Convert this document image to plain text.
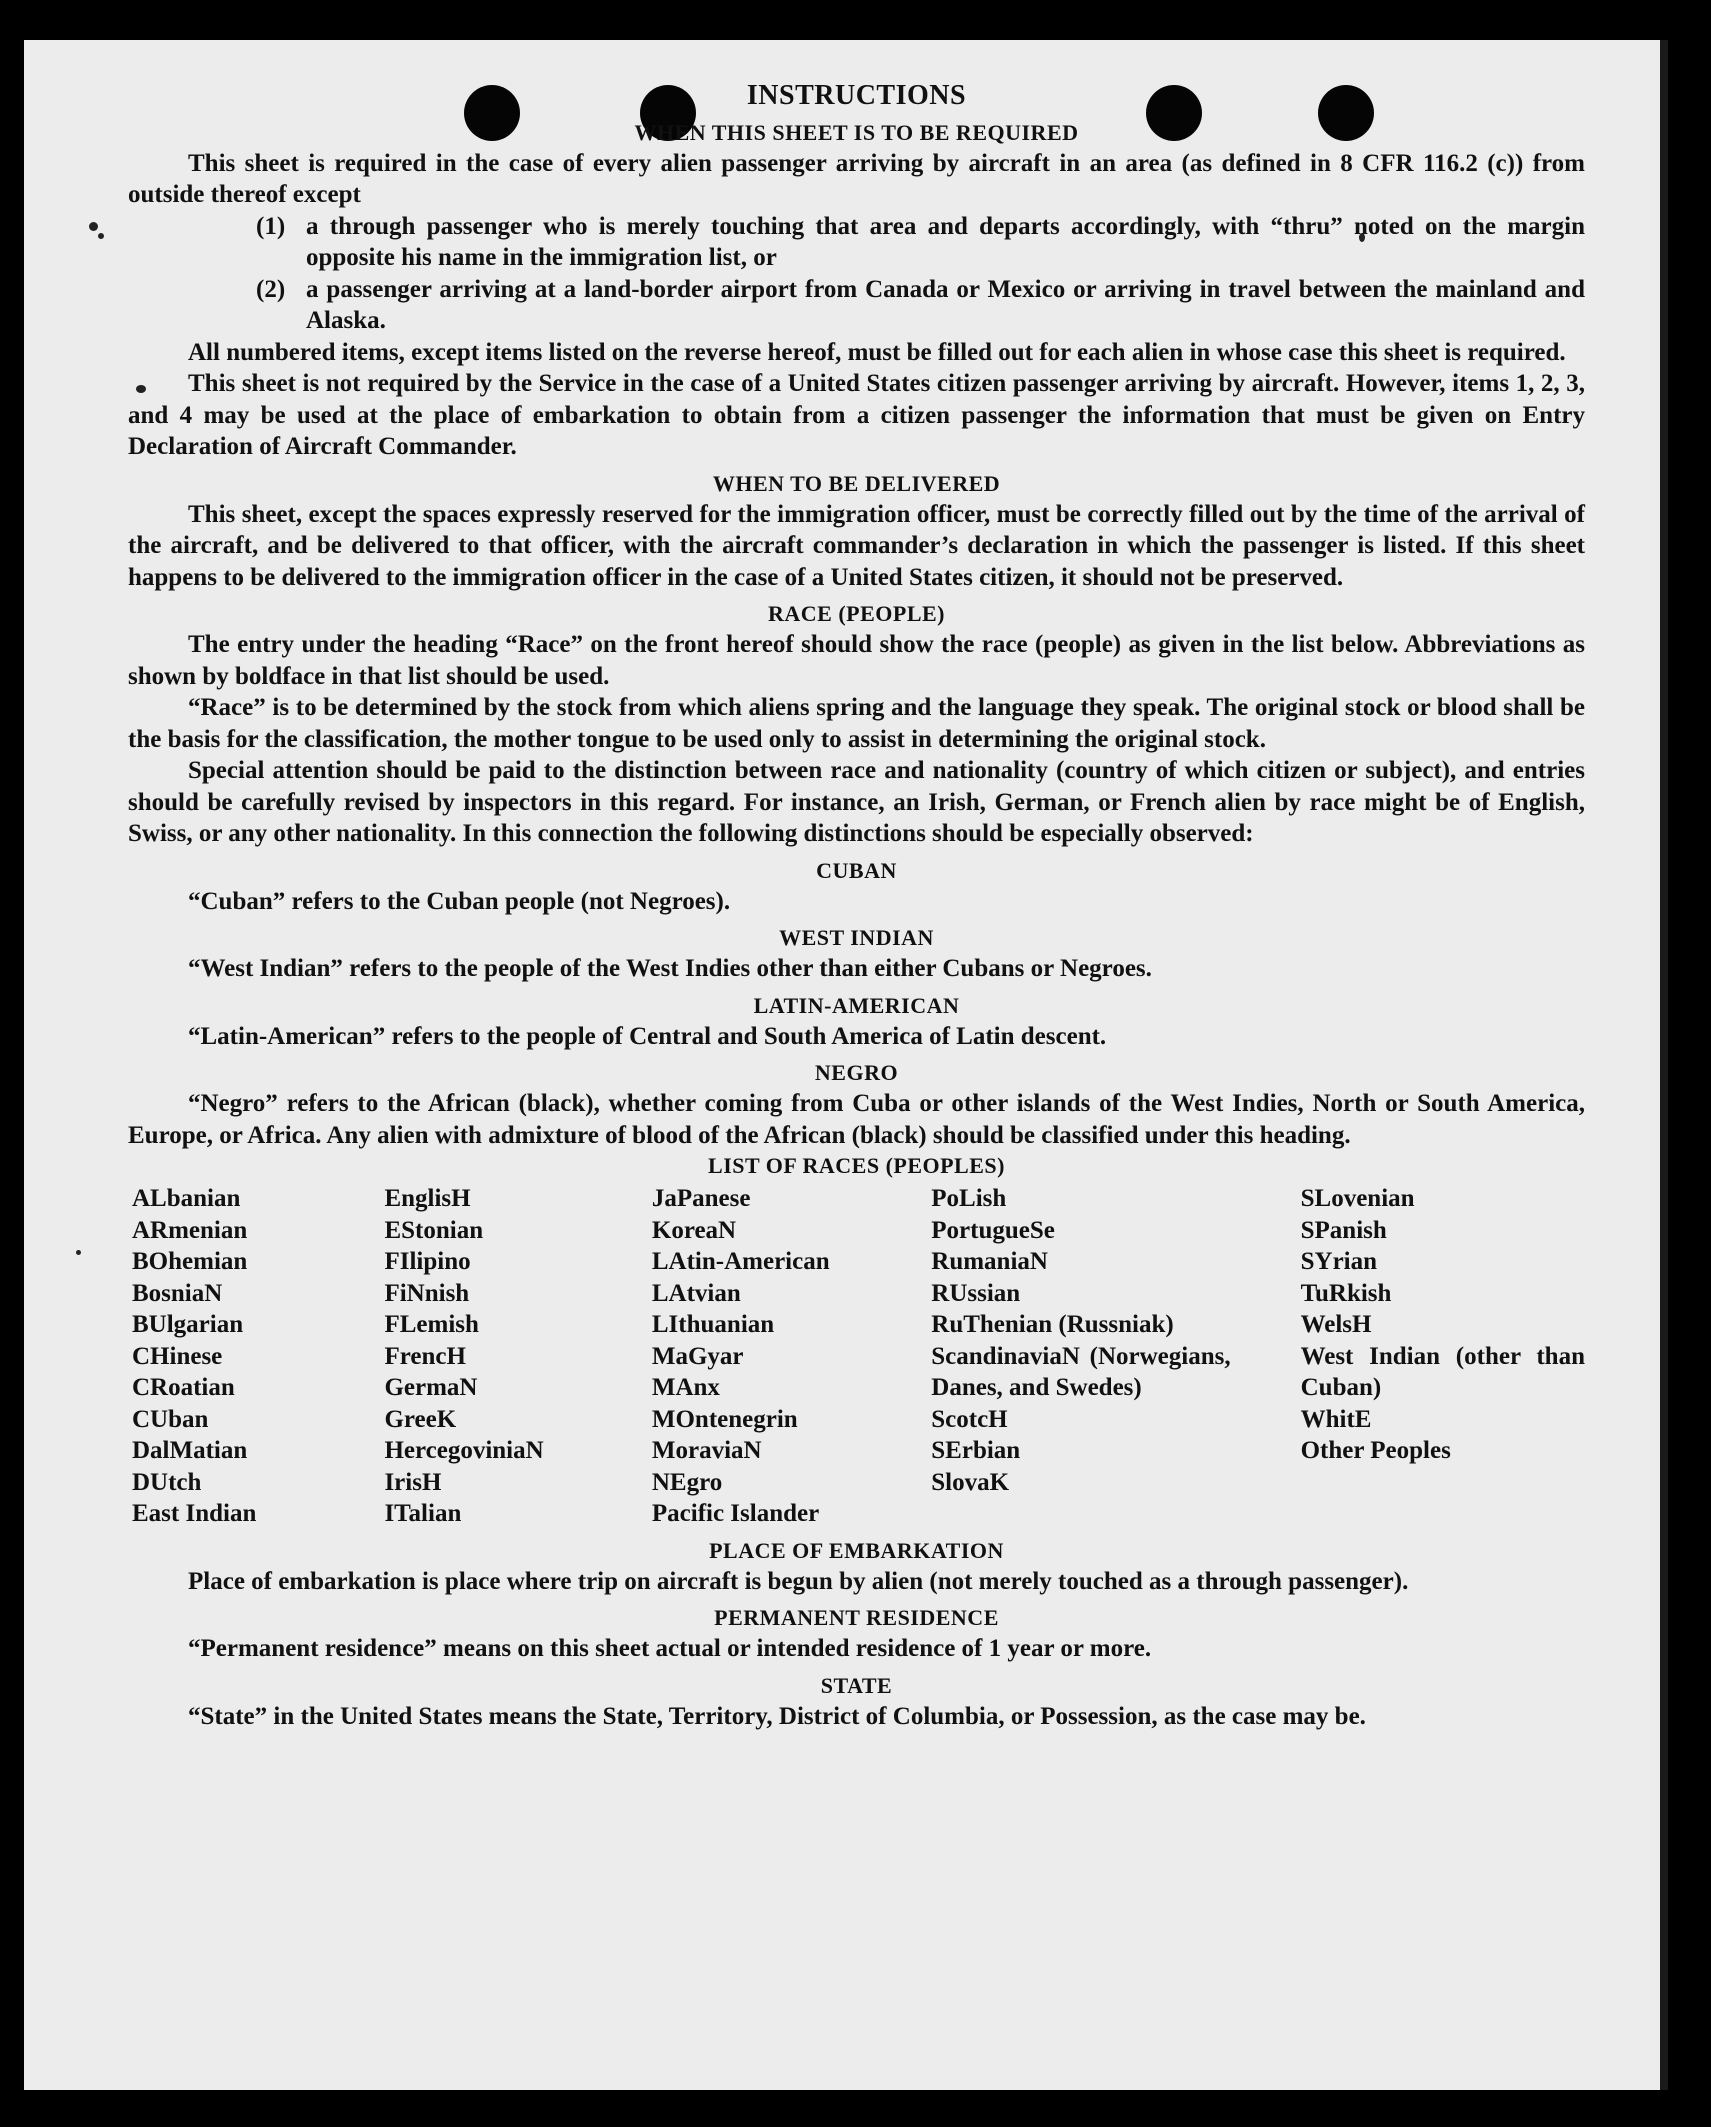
INSTRUCTIONS
WHEN THIS SHEET IS TO BE REQUIRED

This sheet is required in the case of every alien passenger arriving by aircraft in an area (as defined in 8 CFR 116.2 (c)) from outside thereof except

(1) a through passenger who is merely touching that area and departs accordingly, with “thru” noted on the margin opposite his name in the immigration list, or
(2) a passenger arriving at a land-border airport from Canada or Mexico or arriving in travel between the mainland and Alaska.

All numbered items, except items listed on the reverse hereof, must be filled out for each alien in whose case this sheet is required.

This sheet is not required by the Service in the case of a United States citizen passenger arriving by aircraft. However, items 1, 2, 3, and 4 may be used at the place of embarkation to obtain from a citizen passenger the information that must be given on Entry Declaration of Aircraft Commander.

WHEN TO BE DELIVERED

This sheet, except the spaces expressly reserved for the immigration officer, must be correctly filled out by the time of the arrival of the aircraft, and be delivered to that officer, with the aircraft commander’s declaration in which the passenger is listed. If this sheet happens to be delivered to the immigration officer in the case of a United States citizen, it should not be preserved.

RACE (PEOPLE)

The entry under the heading “Race” on the front hereof should show the race (people) as given in the list below. Abbreviations as shown by boldface in that list should be used.

“Race” is to be determined by the stock from which aliens spring and the language they speak. The original stock or blood shall be the basis for the classification, the mother tongue to be used only to assist in determining the original stock.

Special attention should be paid to the distinction between race and nationality (country of which citizen or subject), and entries should be carefully revised by inspectors in this regard. For instance, an Irish, German, or French alien by race might be of English, Swiss, or any other nationality. In this connection the following distinctions should be especially observed:

CUBAN

“Cuban” refers to the Cuban people (not Negroes).

WEST INDIAN

“West Indian” refers to the people of the West Indies other than either Cubans or Negroes.

LATIN-AMERICAN

“Latin-American” refers to the people of Central and South America of Latin descent.

NEGRO

“Negro” refers to the African (black), whether coming from Cuba or other islands of the West Indies, North or South America, Europe, or Africa. Any alien with admixture of blood of the African (black) should be classified under this heading.

LIST OF RACES (PEOPLES)
ALbanian
ARmenian
BOhemian
BosniaN
BUlgarian
CHinese
CRoatian
CUban
DalMatian
DUtch
East Indian
EnglisH
EStonian
FIlipino
FiNnish
FLemish
FrencH
GermaN
GreeK
HercegoviniaN
IrisH
ITalian
JaPanese
KoreaN
LAtin-American
LAtvian
LIthuanian
MaGyar
MAnx
MOntenegrin
MoraviaN
NEgro
Pacific Islander
PoLish
PortugueSe
RumaniaN
RUssian
RuThenian (Russniak)
ScandinaviaN (Norwegians, Danes, and Swedes)
ScotcH
SErbian
SlovaK
SLovenian
SPanish
SYrian
TuRkish
WelsH
West Indian (other than Cuban)
WhitE
Other Peoples
PLACE OF EMBARKATION

Place of embarkation is place where trip on aircraft is begun by alien (not merely touched as a through passenger).

PERMANENT RESIDENCE

“Permanent residence” means on this sheet actual or intended residence of 1 year or more.

STATE

“State” in the United States means the State, Territory, District of Columbia, or Possession, as the case may be.
